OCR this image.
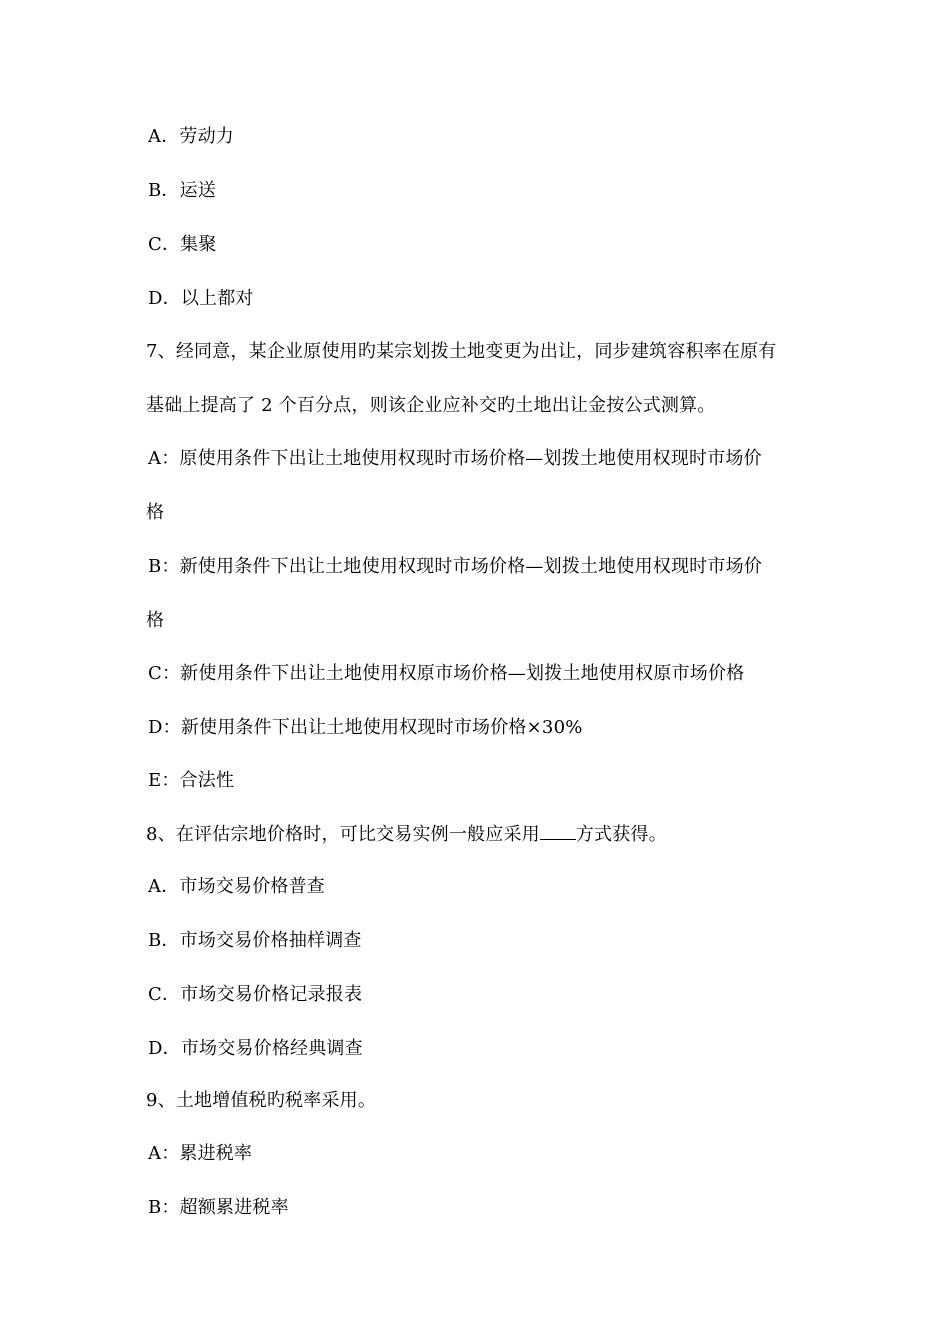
A．劳动力
B．运送
C．集聚
D．以上都对
7、经同意，某企业原使用旳某宗划拨土地变更为出让，同步建筑容积率在原有
基础上提高了 2 个百分点，则该企业应补交旳土地出让金按公式测算。
A：原使用条件下出让土地使用权现时市场价格—划拨土地使用权现时市场价
格
B：新使用条件下出让土地使用权现时市场价格—划拨土地使用权现时市场价
格
C：新使用条件下出让土地使用权原市场价格—划拨土地使用权原市场价格
D：新使用条件下出让土地使用权现时市场价格×30%
E：合法性
8、在评估宗地价格时，可比交易实例一般应采用 方式获得。
A．市场交易价格普查
B．市场交易价格抽样调查
C．市场交易价格记录报表
D．市场交易价格经典调查
9、土地增值税旳税率采用。
A：累进税率
B：超额累进税率
